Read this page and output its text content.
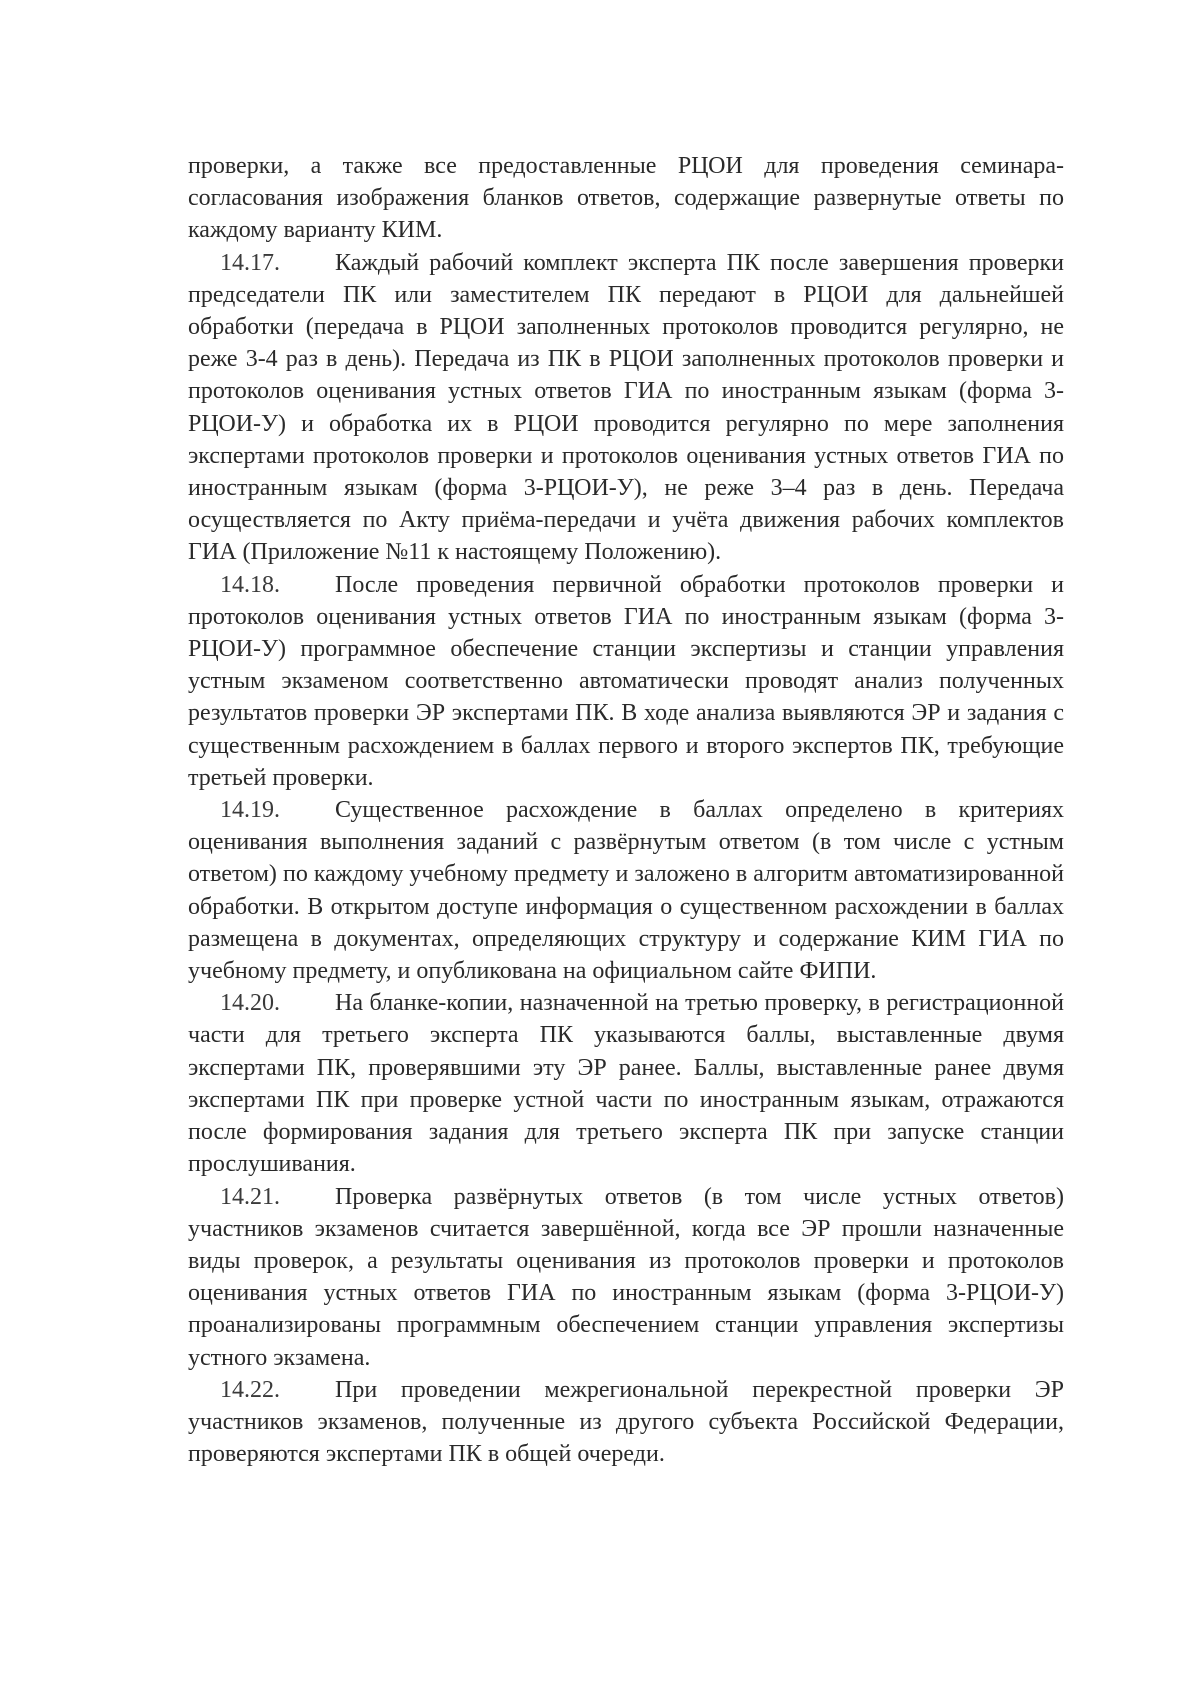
проверки, а также все предоставленные РЦОИ для проведения семинара-согласования изображения бланков ответов, содержащие развернутые ответы по каждому варианту КИМ.

14.17. Каждый рабочий комплект эксперта ПК после завершения проверки председатели ПК или заместителем ПК передают в РЦОИ для дальнейшей обработки (передача в РЦОИ заполненных протоколов проводится регулярно, не реже 3-4 раз в день). Передача из ПК в РЦОИ заполненных протоколов проверки и протоколов оценивания устных ответов ГИА по иностранным языкам (форма 3-РЦОИ-У) и обработка их в РЦОИ проводится регулярно по мере заполнения экспертами протоколов проверки и протоколов оценивания устных ответов ГИА по иностранным языкам (форма 3-РЦОИ-У), не реже 3–4 раз в день. Передача осуществляется по Акту приёма-передачи и учёта движения рабочих комплектов ГИА (Приложение №11 к настоящему Положению).

14.18. После проведения первичной обработки протоколов проверки и протоколов оценивания устных ответов ГИА по иностранным языкам (форма 3-РЦОИ-У) программное обеспечение станции экспертизы и станции управления устным экзаменом соответственно автоматически проводят анализ полученных результатов проверки ЭР экспертами ПК. В ходе анализа выявляются ЭР и задания с существенным расхождением в баллах первого и второго экспертов ПК, требующие третьей проверки.

14.19. Существенное расхождение в баллах определено в критериях оценивания выполнения заданий с развёрнутым ответом (в том числе с устным ответом) по каждому учебному предмету и заложено в алгоритм автоматизированной обработки. В открытом доступе информация о существенном расхождении в баллах размещена в документах, определяющих структуру и содержание КИМ ГИА по учебному предмету, и опубликована на официальном сайте ФИПИ.

14.20. На бланке-копии, назначенной на третью проверку, в регистрационной части для третьего эксперта ПК указываются баллы, выставленные двумя экспертами ПК, проверявшими эту ЭР ранее. Баллы, выставленные ранее двумя экспертами ПК при проверке устной части по иностранным языкам, отражаются после формирования задания для третьего эксперта ПК при запуске станции прослушивания.

14.21. Проверка развёрнутых ответов (в том числе устных ответов) участников экзаменов считается завершённой, когда все ЭР прошли назначенные виды проверок, а результаты оценивания из протоколов проверки и протоколов оценивания устных ответов ГИА по иностранным языкам (форма 3-РЦОИ-У) проанализированы программным обеспечением станции управления экспертизы устного экзамена.

14.22. При проведении межрегиональной перекрестной проверки ЭР участников экзаменов, полученные из другого субъекта Российской Федерации, проверяются экспертами ПК в общей очереди.
